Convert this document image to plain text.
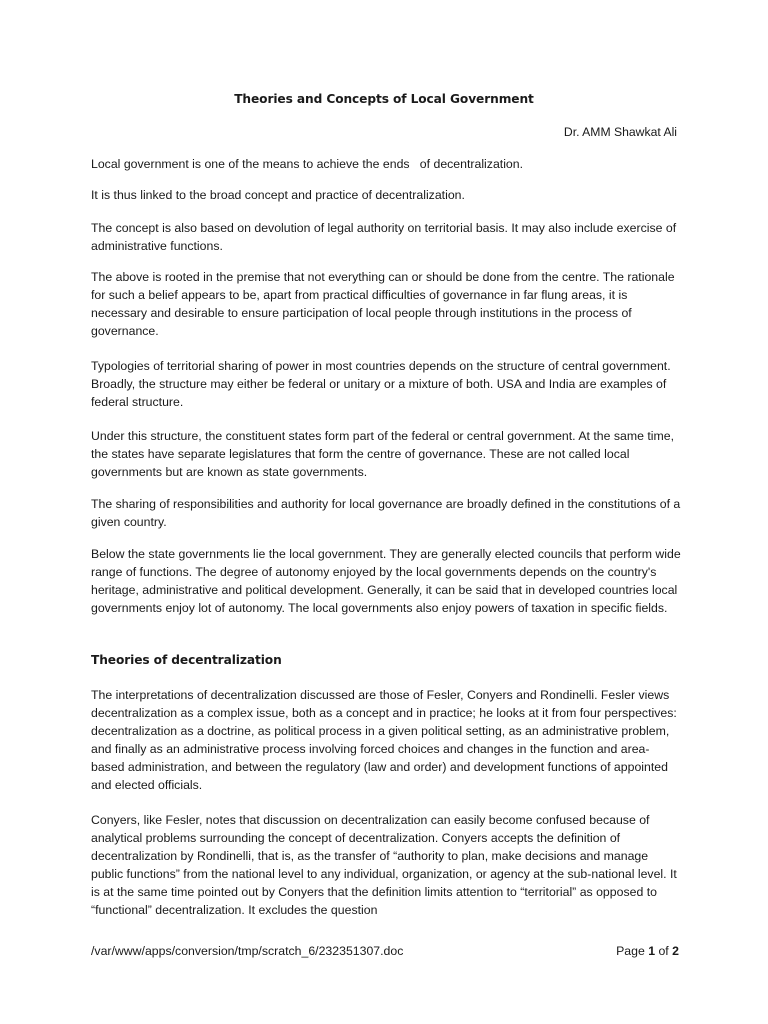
Theories and Concepts of Local Government
Dr. AMM Shawkat Ali

Local government is one of the means to achieve the ends   of decentralization.

It is thus linked to the broad concept and practice of decentralization.

The concept is also based on devolution of legal authority on territorial basis. It may also include exercise of administrative functions.

The above is rooted in the premise that not everything can or should be done from the centre. The rationale for such a belief appears to be, apart from practical difficulties of governance in far flung areas, it is necessary and desirable to ensure participation of local people through institutions in the process of governance.

Typologies of territorial sharing of power in most countries depends on the structure of central government. Broadly, the structure may either be federal or unitary or a mixture of both. USA and India are examples of federal structure.

Under this structure, the constituent states form part of the federal or central government. At the same time, the states have separate legislatures that form the centre of governance. These are not called local governments but are known as state governments.

The sharing of responsibilities and authority for local governance are broadly defined in the constitutions of a given country.

Below the state governments lie the local government. They are generally elected councils that perform wide range of functions. The degree of autonomy enjoyed by the local governments depends on the country's heritage, administrative and political development. Generally, it can be said that in developed countries local governments enjoy lot of autonomy. The local governments also enjoy powers of taxation in specific fields.

Theories of decentralization

The interpretations of decentralization discussed are those of Fesler, Conyers and Rondinelli. Fesler views decentralization as a complex issue, both as a concept and in practice; he looks at it from four perspectives: decentralization as a doctrine, as political process in a given political setting, as an administrative problem, and finally as an administrative process involving forced choices and changes in the function and area-based administration, and between the regulatory (law and order) and development functions of appointed and elected officials.

Conyers, like Fesler, notes that discussion on decentralization can easily become confused because of analytical problems surrounding the concept of decentralization. Conyers accepts the definition of decentralization by Rondinelli, that is, as the transfer of “authority to plan, make decisions and manage public functions” from the national level to any individual, organization, or agency at the sub-national level. It is at the same time pointed out by Conyers that the definition limits attention to “territorial” as opposed to “functional” decentralization. It excludes the question

/var/www/apps/conversion/tmp/scratch_6/232351307.doc	Page 1 of 2
